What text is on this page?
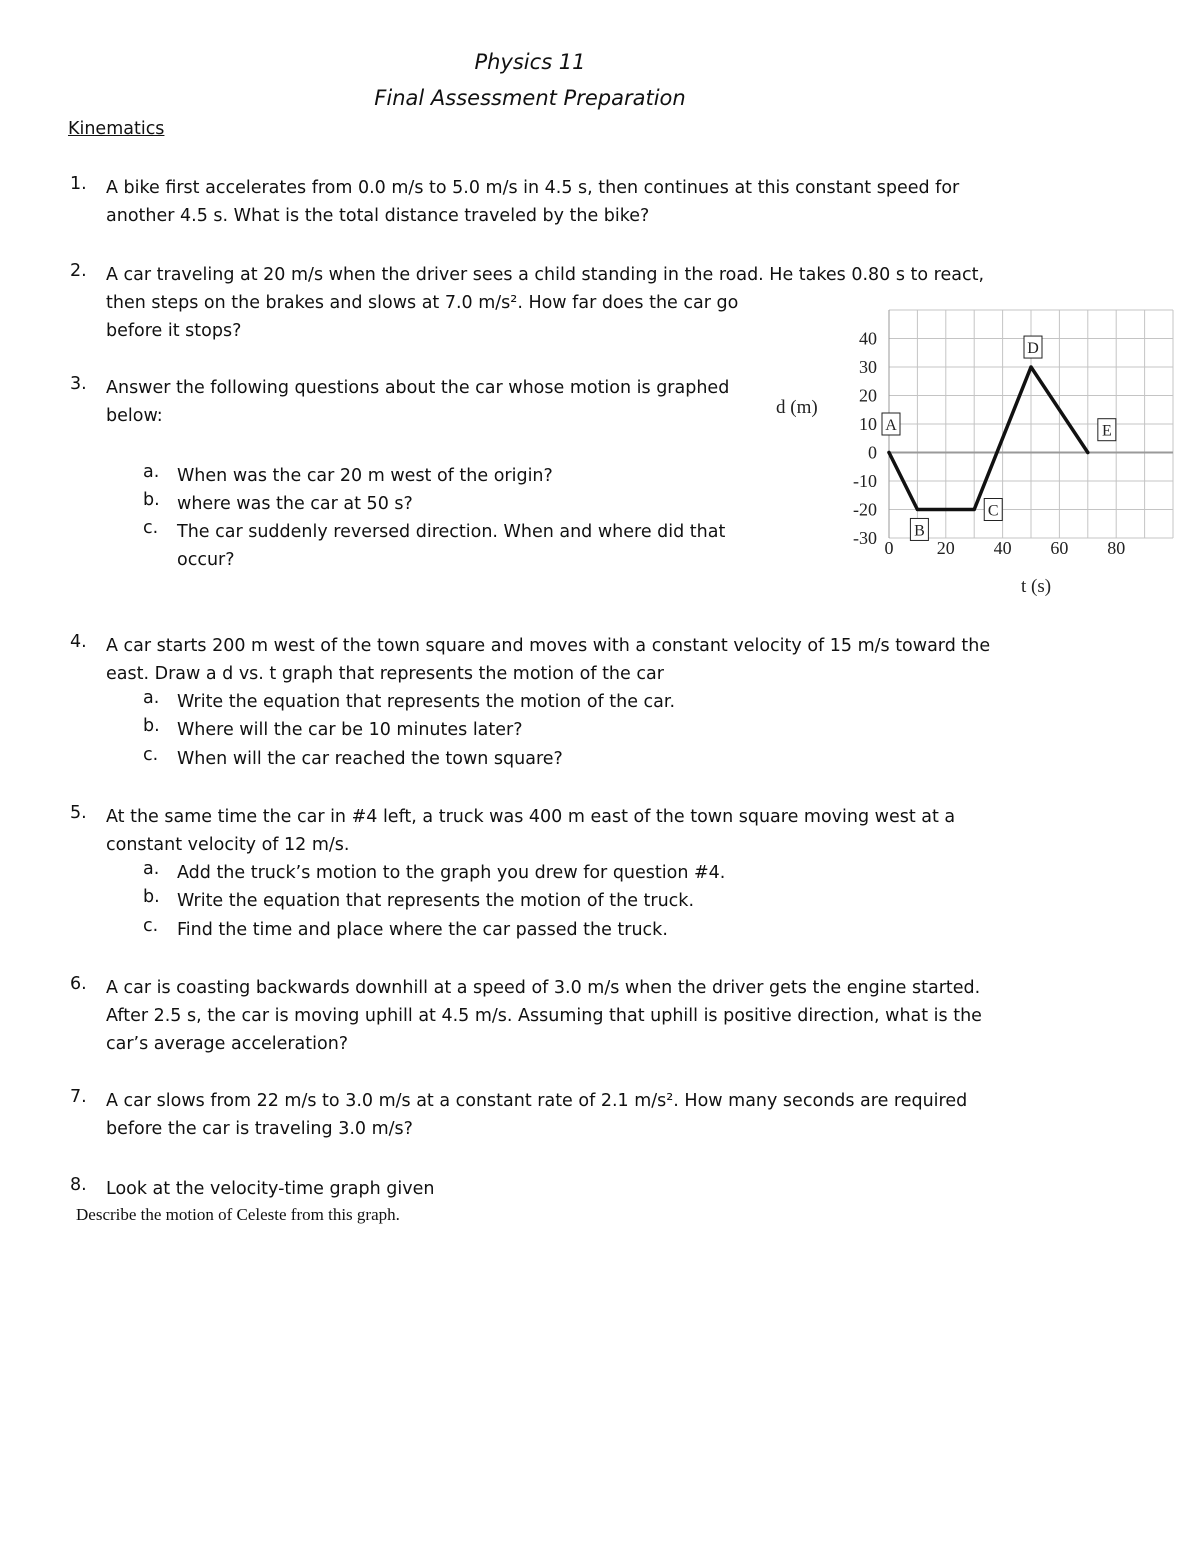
Physics 11
Final Assessment Preparation
Kinematics
1. A bike first accelerates from 0.0 m/s to 5.0 m/s in 4.5 s, then continues at this constant speed for
another 4.5 s. What is the total distance traveled by the bike?
2. A car traveling at 20 m/s when the driver sees a child standing in the road. He takes 0.80 s to react,
then steps on the brakes and slows at 7.0 m/s². How far does the car go
before it stops?
3. Answer the following questions about the car whose motion is graphed
below:
a. When was the car 20 m west of the origin?
b. where was the car at 50 s?
c. The car suddenly reversed direction. When and where did that
occur?
40
30
20
10
0
-10
-20
-30 0 20 40 60 80
A
B
C
D
E
d (m)
t (s)
4. A car starts 200 m west of the town square and moves with a constant velocity of 15 m/s toward the
east. Draw a d vs. t graph that represents the motion of the car
a. Write the equation that represents the motion of the car.
b. Where will the car be 10 minutes later?
c. When will the car reached the town square?
5. At the same time the car in #4 left, a truck was 400 m east of the town square moving west at a
constant velocity of 12 m/s.
a. Add the truck’s motion to the graph you drew for question #4.
b. Write the equation that represents the motion of the truck.
c. Find the time and place where the car passed the truck.
6. A car is coasting backwards downhill at a speed of 3.0 m/s when the driver gets the engine started.
After 2.5 s, the car is moving uphill at 4.5 m/s. Assuming that uphill is positive direction, what is the
car’s average acceleration?
7. A car slows from 22 m/s to 3.0 m/s at a constant rate of 2.1 m/s². How many seconds are required
before the car is traveling 3.0 m/s?
8. Look at the velocity-time graph given
Describe the motion of Celeste from this graph.
